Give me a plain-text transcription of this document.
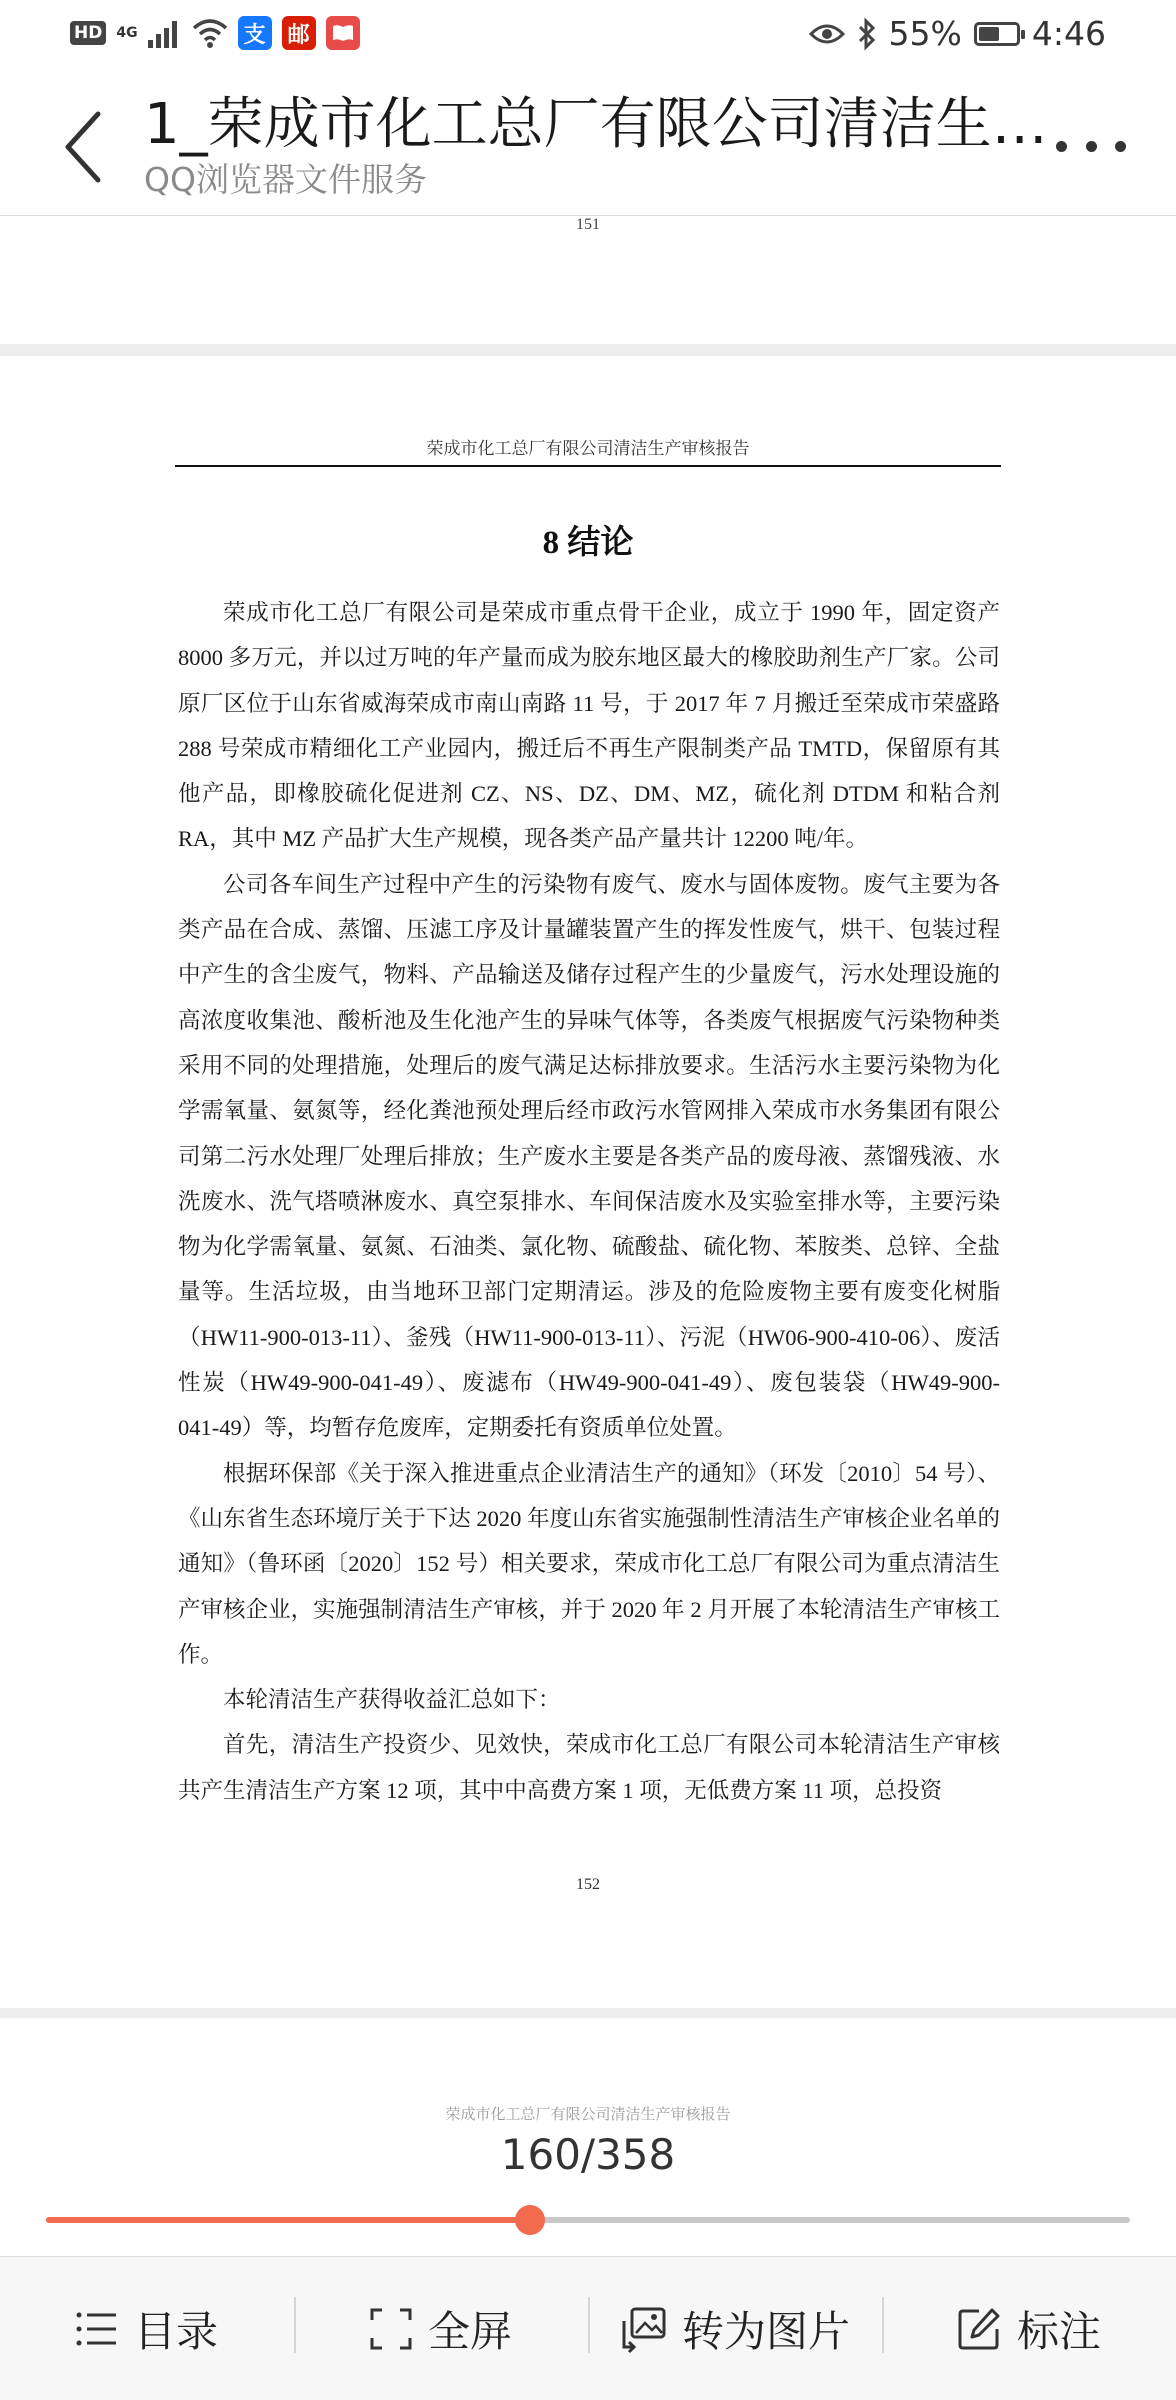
HD 4G	支 邮	55% 4:46
1_荣成市化工总厂有限公司清洁生…
QQ浏览器文件服务
151
荣成市化工总厂有限公司清洁生产审核报告
8 结论

荣成市化工总厂有限公司是荣成市重点骨干企业，成立于 1990 年，固定资产 8000 多万元，并以过万吨的年产量而成为胶东地区最大的橡胶助剂生产厂家。公司原厂区位于山东省威海荣成市南山南路 11 号，于 2017 年 7 月搬迁至荣成市荣盛路 288 号荣成市精细化工产业园内，搬迁后不再生产限制类产品 TMTD，保留原有其他产品，即橡胶硫化促进剂 CZ、NS、DZ、DM、MZ，硫化剂 DTDM 和粘合剂 RA，其中 MZ 产品扩大生产规模，现各类产品产量共计 12200 吨/年。

公司各车间生产过程中产生的污染物有废气、废水与固体废物。废气主要为各类产品在合成、蒸馏、压滤工序及计量罐装置产生的挥发性废气，烘干、包装过程中产生的含尘废气，物料、产品输送及储存过程产生的少量废气，污水处理设施的高浓度收集池、酸析池及生化池产生的异味气体等，各类废气根据废气污染物种类采用不同的处理措施，处理后的废气满足达标排放要求。生活污水主要污染物为化学需氧量、氨氮等，经化粪池预处理后经市政污水管网排入荣成市水务集团有限公司第二污水处理厂处理后排放；生产废水主要是各类产品的废母液、蒸馏残液、水洗废水、洗气塔喷淋废水、真空泵排水、车间保洁废水及实验室排水等，主要污染物为化学需氧量、氨氮、石油类、氯化物、硫酸盐、硫化物、苯胺类、总锌、全盐量等。生活垃圾，由当地环卫部门定期清运。涉及的危险废物主要有废变化树脂（HW11-900-013-11）、釜残（HW11-900-013-11）、污泥（HW06-900-410-06）、废活性炭（HW49-900-041-49）、废滤布（HW49-900-041-49）、废包装袋（HW49-900-041-49）等，均暂存危废库，定期委托有资质单位处置。

根据环保部《关于深入推进重点企业清洁生产的通知》（环发〔2010〕54 号）、《山东省生态环境厅关于下达 2020 年度山东省实施强制性清洁生产审核企业名单的通知》（鲁环函〔2020〕152 号）相关要求，荣成市化工总厂有限公司为重点清洁生产审核企业，实施强制清洁生产审核，并于 2020 年 2 月开展了本轮清洁生产审核工作。

本轮清洁生产获得收益汇总如下：

首先，清洁生产投资少、见效快，荣成市化工总厂有限公司本轮清洁生产审核共产生清洁生产方案 12 项，其中中高费方案 1 项，无低费方案 11 项，总投资

152
荣成市化工总厂有限公司清洁生产审核报告
160/358
目录	全屏	转为图片	标注
